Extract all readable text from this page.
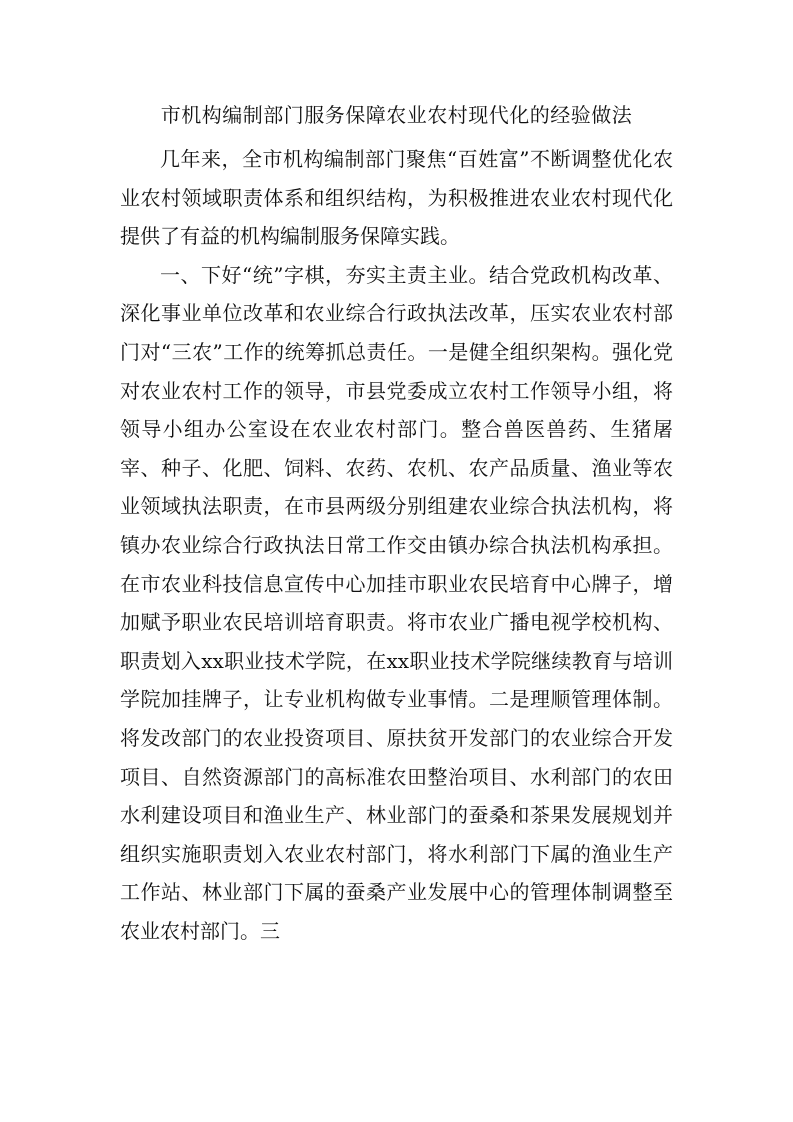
市机构编制部门服务保障农业农村现代化的经验做法

几年来，全市机构编制部门聚焦“百姓富”不断调整优化农业农村领域职责体系和组织结构，为积极推进农业农村现代化提供了有益的机构编制服务保障实践。

一、下好“统”字棋，夯实主责主业。结合党政机构改革、深化事业单位改革和农业综合行政执法改革，压实农业农村部门对“三农”工作的统筹抓总责任。一是健全组织架构。强化党对农业农村工作的领导，市县党委成立农村工作领导小组，将领导小组办公室设在农业农村部门。整合兽医兽药、生猪屠宰、种子、化肥、饲料、农药、农机、农产品质量、渔业等农业领域执法职责，在市县两级分别组建农业综合执法机构，将镇办农业综合行政执法日常工作交由镇办综合执法机构承担。在市农业科技信息宣传中心加挂市职业农民培育中心牌子，增加赋予职业农民培训培育职责。将市农业广播电视学校机构、职责划入xx职业技术学院，在xx职业技术学院继续教育与培训学院加挂牌子，让专业机构做专业事情。二是理顺管理体制。将发改部门的农业投资项目、原扶贫开发部门的农业综合开发项目、自然资源部门的高标准农田整治项目、水利部门的农田水利建设项目和渔业生产、林业部门的蚕桑和茶果发展规划并组织实施职责划入农业农村部门，将水利部门下属的渔业生产工作站、林业部门下属的蚕桑产业发展中心的管理体制调整至农业农村部门。三
